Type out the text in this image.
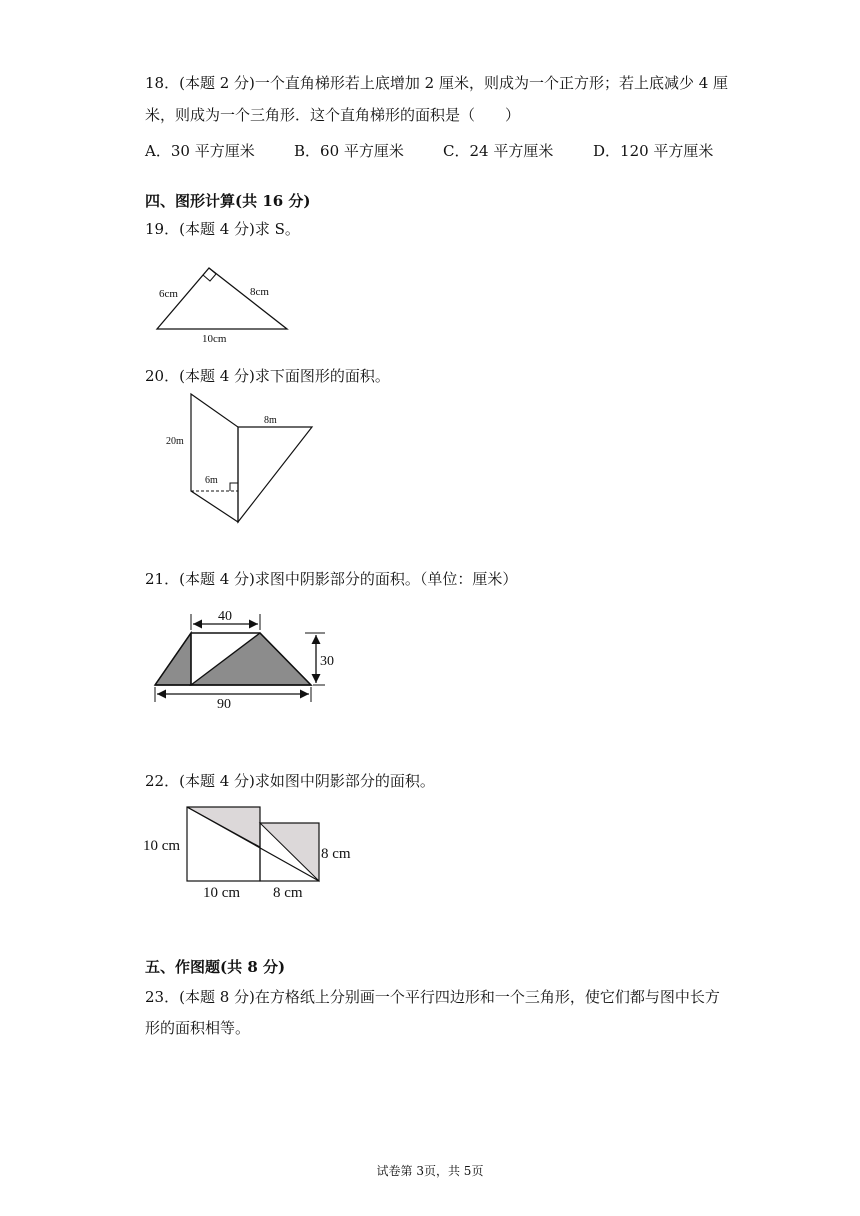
18．(本题 2 分)一个直角梯形若上底增加 2 厘米，则成为一个正方形；若上底减少 4 厘
米，则成为一个三角形．这个直角梯形的面积是（　　）
A．30 平方厘米	B．60 平方厘米	C．24 平方厘米	D．120 平方厘米
四、图形计算(共 16 分)
19．(本题 4 分)求 S。
6cm	8cm
10cm
20．(本题 4 分)求下面图形的面积。
20m
8m
6m
21．(本题 4 分)求图中阴影部分的面积。（单位：厘米）
40
30
90
22．(本题 4 分)求如图中阴影部分的面积。
10 cm	8 cm
10 cm 8 cm
五、作图题(共 8 分)
23．(本题 8 分)在方格纸上分别画一个平行四边形和一个三角形，使它们都与图中长方
形的面积相等。
试卷第 3页，共 5页
